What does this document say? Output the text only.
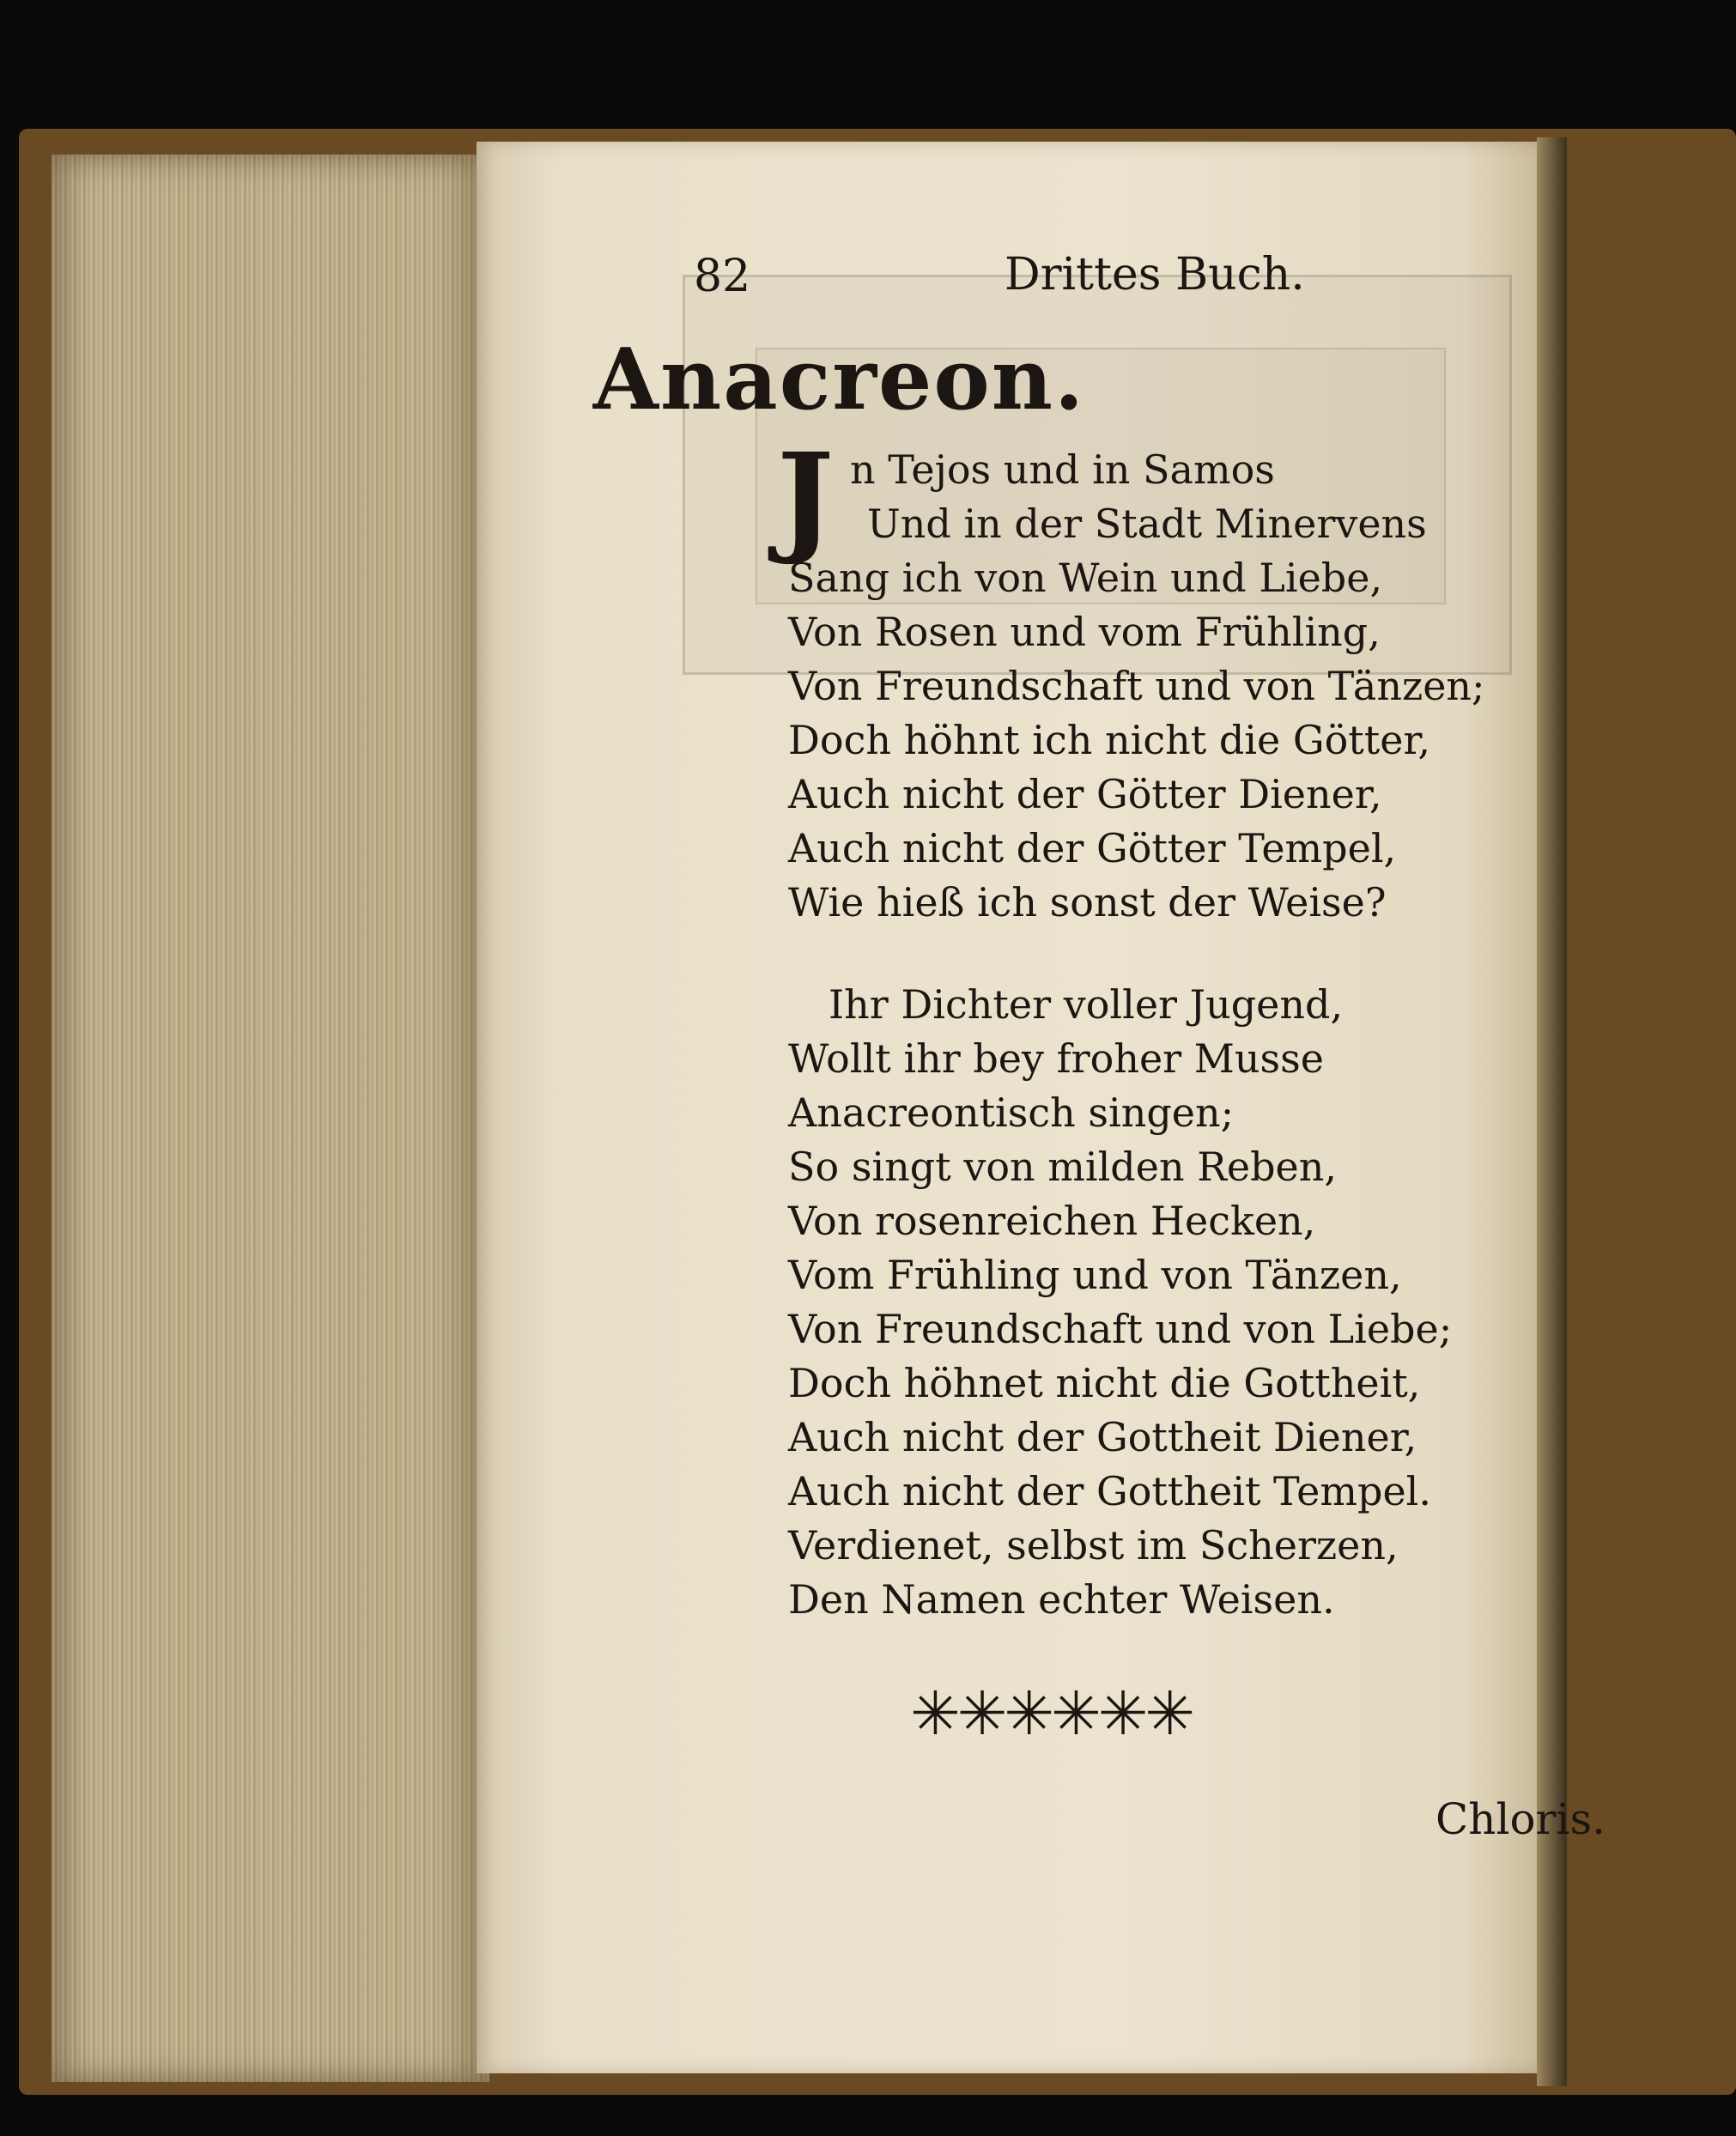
82	Drittes Buch.
Anacreon.
J n Tejos und in Samos
Und in der Stadt Minervens
Sang ich von Wein und Liebe,
Von Rosen und vom Frühling,
Von Freundschaft und von Tänzen;
Doch höhnt ich nicht die Götter,
Auch nicht der Götter Diener,
Auch nicht der Götter Tempel,
Wie hieß ich sonst der Weise?
Ihr Dichter voller Jugend,
Wollt ihr bey froher Musse
Anacreontisch singen;
So singt von milden Reben,
Von rosenreichen Hecken,
Vom Frühling und von Tänzen,
Von Freundschaft und von Liebe;
Doch höhnet nicht die Gottheit,
Auch nicht der Gottheit Diener,
Auch nicht der Gottheit Tempel.
Verdienet, selbst im Scherzen,
Den Namen echter Weisen.
✳✳✳✳✳✳
Chloris.
